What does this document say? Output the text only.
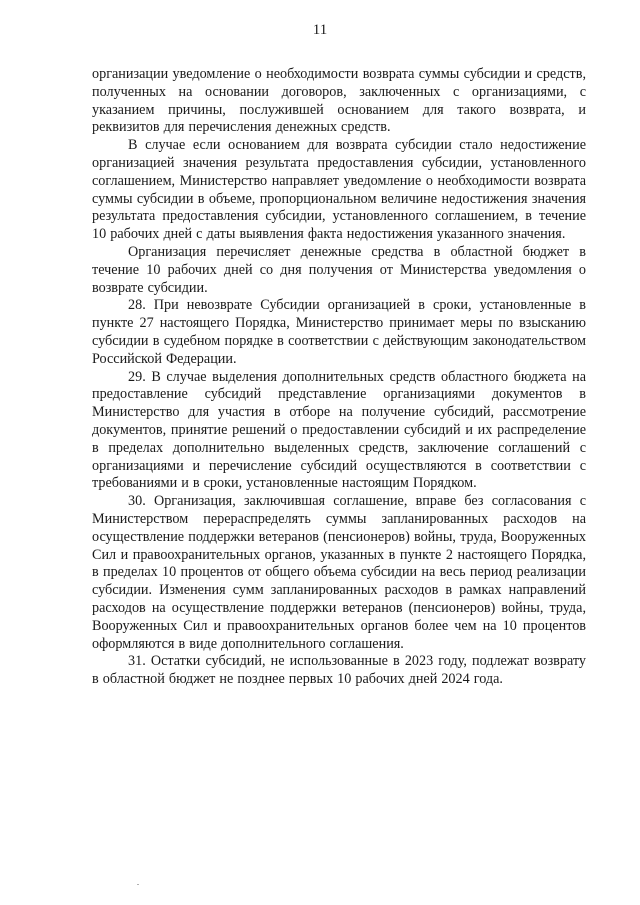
11

организации уведомление о необходимости возврата суммы субсидии и средств, полученных на основании договоров, заключенных с организациями, с указанием причины, послужившей основанием для такого возврата, и реквизитов для перечисления денежных средств.

В случае если основанием для возврата субсидии стало недостижение организацией значения результата предоставления субсидии, установленного соглашением, Министерство направляет уведомление о необходимости возврата суммы субсидии в объеме, пропорциональном величине недостижения значения результата предоставления субсидии, установленного соглашением, в течение 10 рабочих дней с даты выявления факта недостижения указанного значения.

Организация перечисляет денежные средства в областной бюджет в течение 10 рабочих дней со дня получения от Министерства уведомления о возврате субсидии.

28. При невозврате Субсидии организацией в сроки, установленные в пункте 27 настоящего Порядка, Министерство принимает меры по взысканию субсидии в судебном порядке в соответствии с действующим законодательством Российской Федерации.

29. В случае выделения дополнительных средств областного бюджета на предоставление субсидий представление организациями документов в Министерство для участия в отборе на получение субсидий, рассмотрение документов, принятие решений о предоставлении субсидий и их распределение в пределах дополнительно выделенных средств, заключение соглашений с организациями и перечисление субсидий осуществляются в соответствии с требованиями и в сроки, установленные настоящим Порядком.

30. Организация, заключившая соглашение, вправе без согласования с Министерством перераспределять суммы запланированных расходов на осуществление поддержки ветеранов (пенсионеров) войны, труда, Вооруженных Сил и правоохранительных органов, указанных в пункте 2 настоящего Порядка, в пределах 10 процентов от общего объема субсидии на весь период реализации субсидии. Изменения сумм запланированных расходов в рамках направлений расходов на осуществление поддержки ветеранов (пенсионеров) войны, труда, Вооруженных Сил и правоохранительных органов более чем на 10 процентов оформляются в виде дополнительного соглашения.

31. Остатки субсидий, не использованные в 2023 году, подлежат возврату в областной бюджет не позднее первых 10 рабочих дней 2024 года.
